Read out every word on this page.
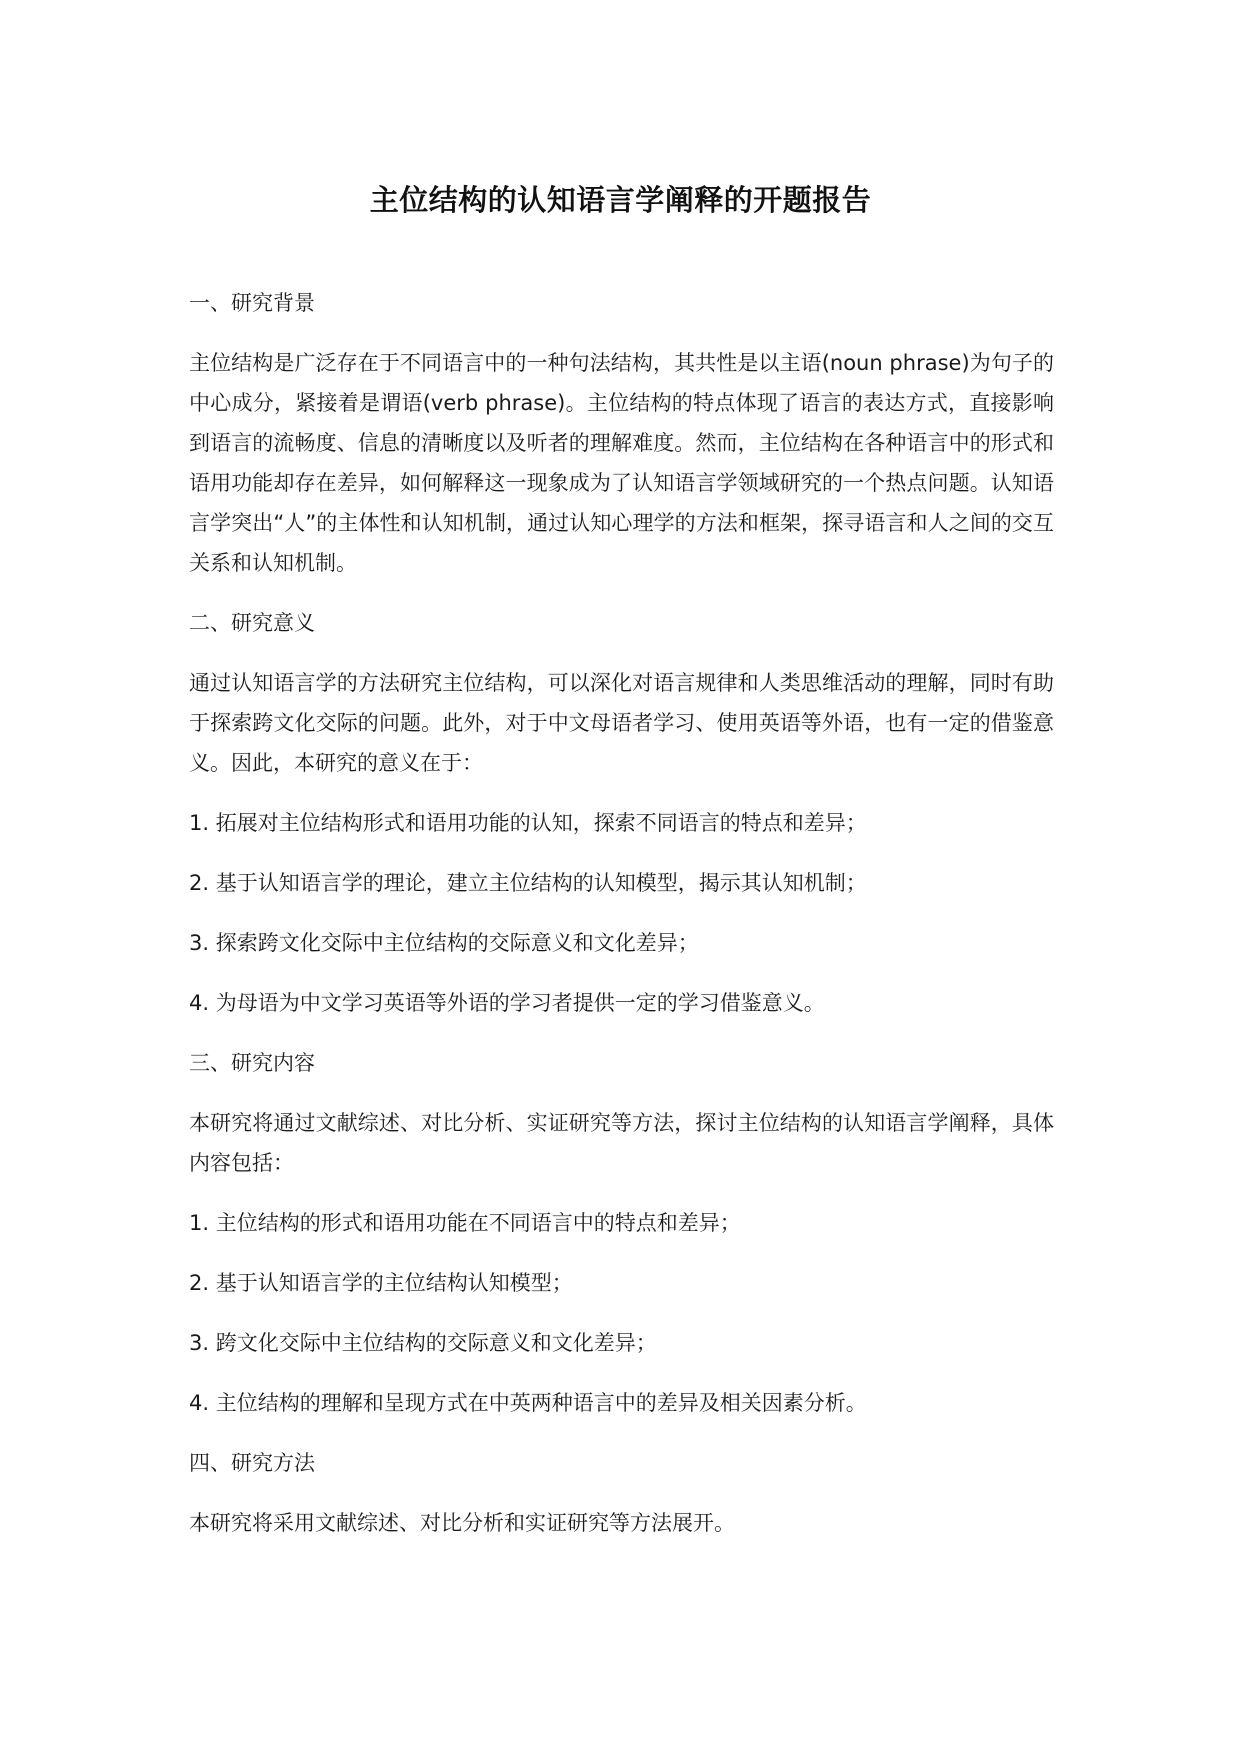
主位结构的认知语言学阐释的开题报告
一、研究背景
主位结构是广泛存在于不同语言中的一种句法结构，其共性是以主语(noun phrase)为句子的中心成分，紧接着是谓语(verb phrase)。主位结构的特点体现了语言的表达方式，直接影响到语言的流畅度、信息的清晰度以及听者的理解难度。然而，主位结构在各种语言中的形式和语用功能却存在差异，如何解释这一现象成为了认知语言学领域研究的一个热点问题。认知语言学突出“人”的主体性和认知机制，通过认知心理学的方法和框架，探寻语言和人之间的交互关系和认知机制。
二、研究意义
通过认知语言学的方法研究主位结构，可以深化对语言规律和人类思维活动的理解，同时有助于探索跨文化交际的问题。此外，对于中文母语者学习、使用英语等外语，也有一定的借鉴意义。因此，本研究的意义在于：
1. 拓展对主位结构形式和语用功能的认知，探索不同语言的特点和差异；
2. 基于认知语言学的理论，建立主位结构的认知模型，揭示其认知机制；
3. 探索跨文化交际中主位结构的交际意义和文化差异；
4. 为母语为中文学习英语等外语的学习者提供一定的学习借鉴意义。
三、研究内容
本研究将通过文献综述、对比分析、实证研究等方法，探讨主位结构的认知语言学阐释，具体内容包括：
1. 主位结构的形式和语用功能在不同语言中的特点和差异；
2. 基于认知语言学的主位结构认知模型；
3. 跨文化交际中主位结构的交际意义和文化差异；
4. 主位结构的理解和呈现方式在中英两种语言中的差异及相关因素分析。
四、研究方法
本研究将采用文献综述、对比分析和实证研究等方法展开。
